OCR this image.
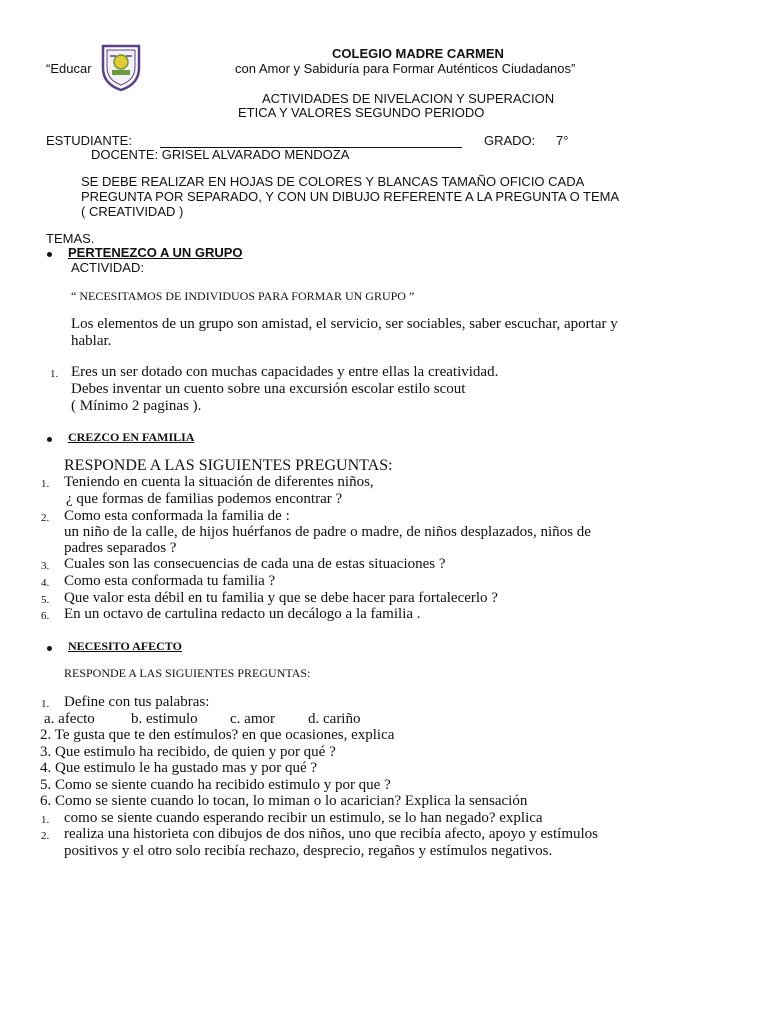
COLEGIO MADRE CARMEN
“Educar	con Amor y Sabiduría para Formar Auténticos Ciudadanos”
ACTIVIDADES DE NIVELACION Y SUPERACION
ETICA Y VALORES SEGUNDO PERIODO
ESTUDIANTE:	GRADO: 7°
DOCENTE: GRISEL ALVARADO MENDOZA
SE DEBE REALIZAR EN HOJAS DE COLORES Y BLANCAS TAMAÑO OFICIO CADA
PREGUNTA POR SEPARADO, Y CON UN DIBUJO REFERENTE A LA PREGUNTA O TEMA
( CREATIVIDAD )
TEMAS.
PERTENEZCO A UN GRUPO
ACTIVIDAD:
“ NECESITAMOS DE INDIVIDUOS PARA FORMAR UN GRUPO ”
Los elementos de un grupo son amistad, el servicio, ser sociables, saber escuchar, aportar y
hablar.
1. Eres un ser dotado con muchas capacidades y entre ellas la creatividad.
Debes inventar un cuento sobre una excursión escolar estilo scout
( Mínimo 2 paginas ).
CREZCO EN FAMILIA
RESPONDE A LAS SIGUIENTES PREGUNTAS:
1. Teniendo en cuenta la situación de diferentes niños,
¿ que formas de familias podemos encontrar ?
2. Como esta conformada la familia de :
un niño de la calle, de hijos huérfanos de padre o madre, de niños desplazados, niños de
padres separados ?
3. Cuales son las consecuencias de cada una de estas situaciones ?
4. Como esta conformada tu familia ?
5. Que valor esta débil en tu familia y que se debe hacer para fortalecerlo ?
6. En un octavo de cartulina redacto un decálogo a la familia .
NECESITO AFECTO
RESPONDE A LAS SIGUIENTES PREGUNTAS:
1. Define con tus palabras:
a. afecto b. estimulo c. amor d. cariño
2. Te gusta que te den estímulos? en que ocasiones, explica
3. Que estimulo ha recibido, de quien y por qué ?
4. Que estimulo le ha gustado mas y por qué ?
5. Como se siente cuando ha recibido estimulo y por que ?
6. Como se siente cuando lo tocan, lo miman o lo acarician? Explica la sensación
1. como se siente cuando esperando recibir un estimulo, se lo han negado? explica
2. realiza una historieta con dibujos de dos niños, uno que recibía afecto, apoyo y estímulos
positivos y el otro solo recibía rechazo, desprecio, regaños y estímulos negativos.
